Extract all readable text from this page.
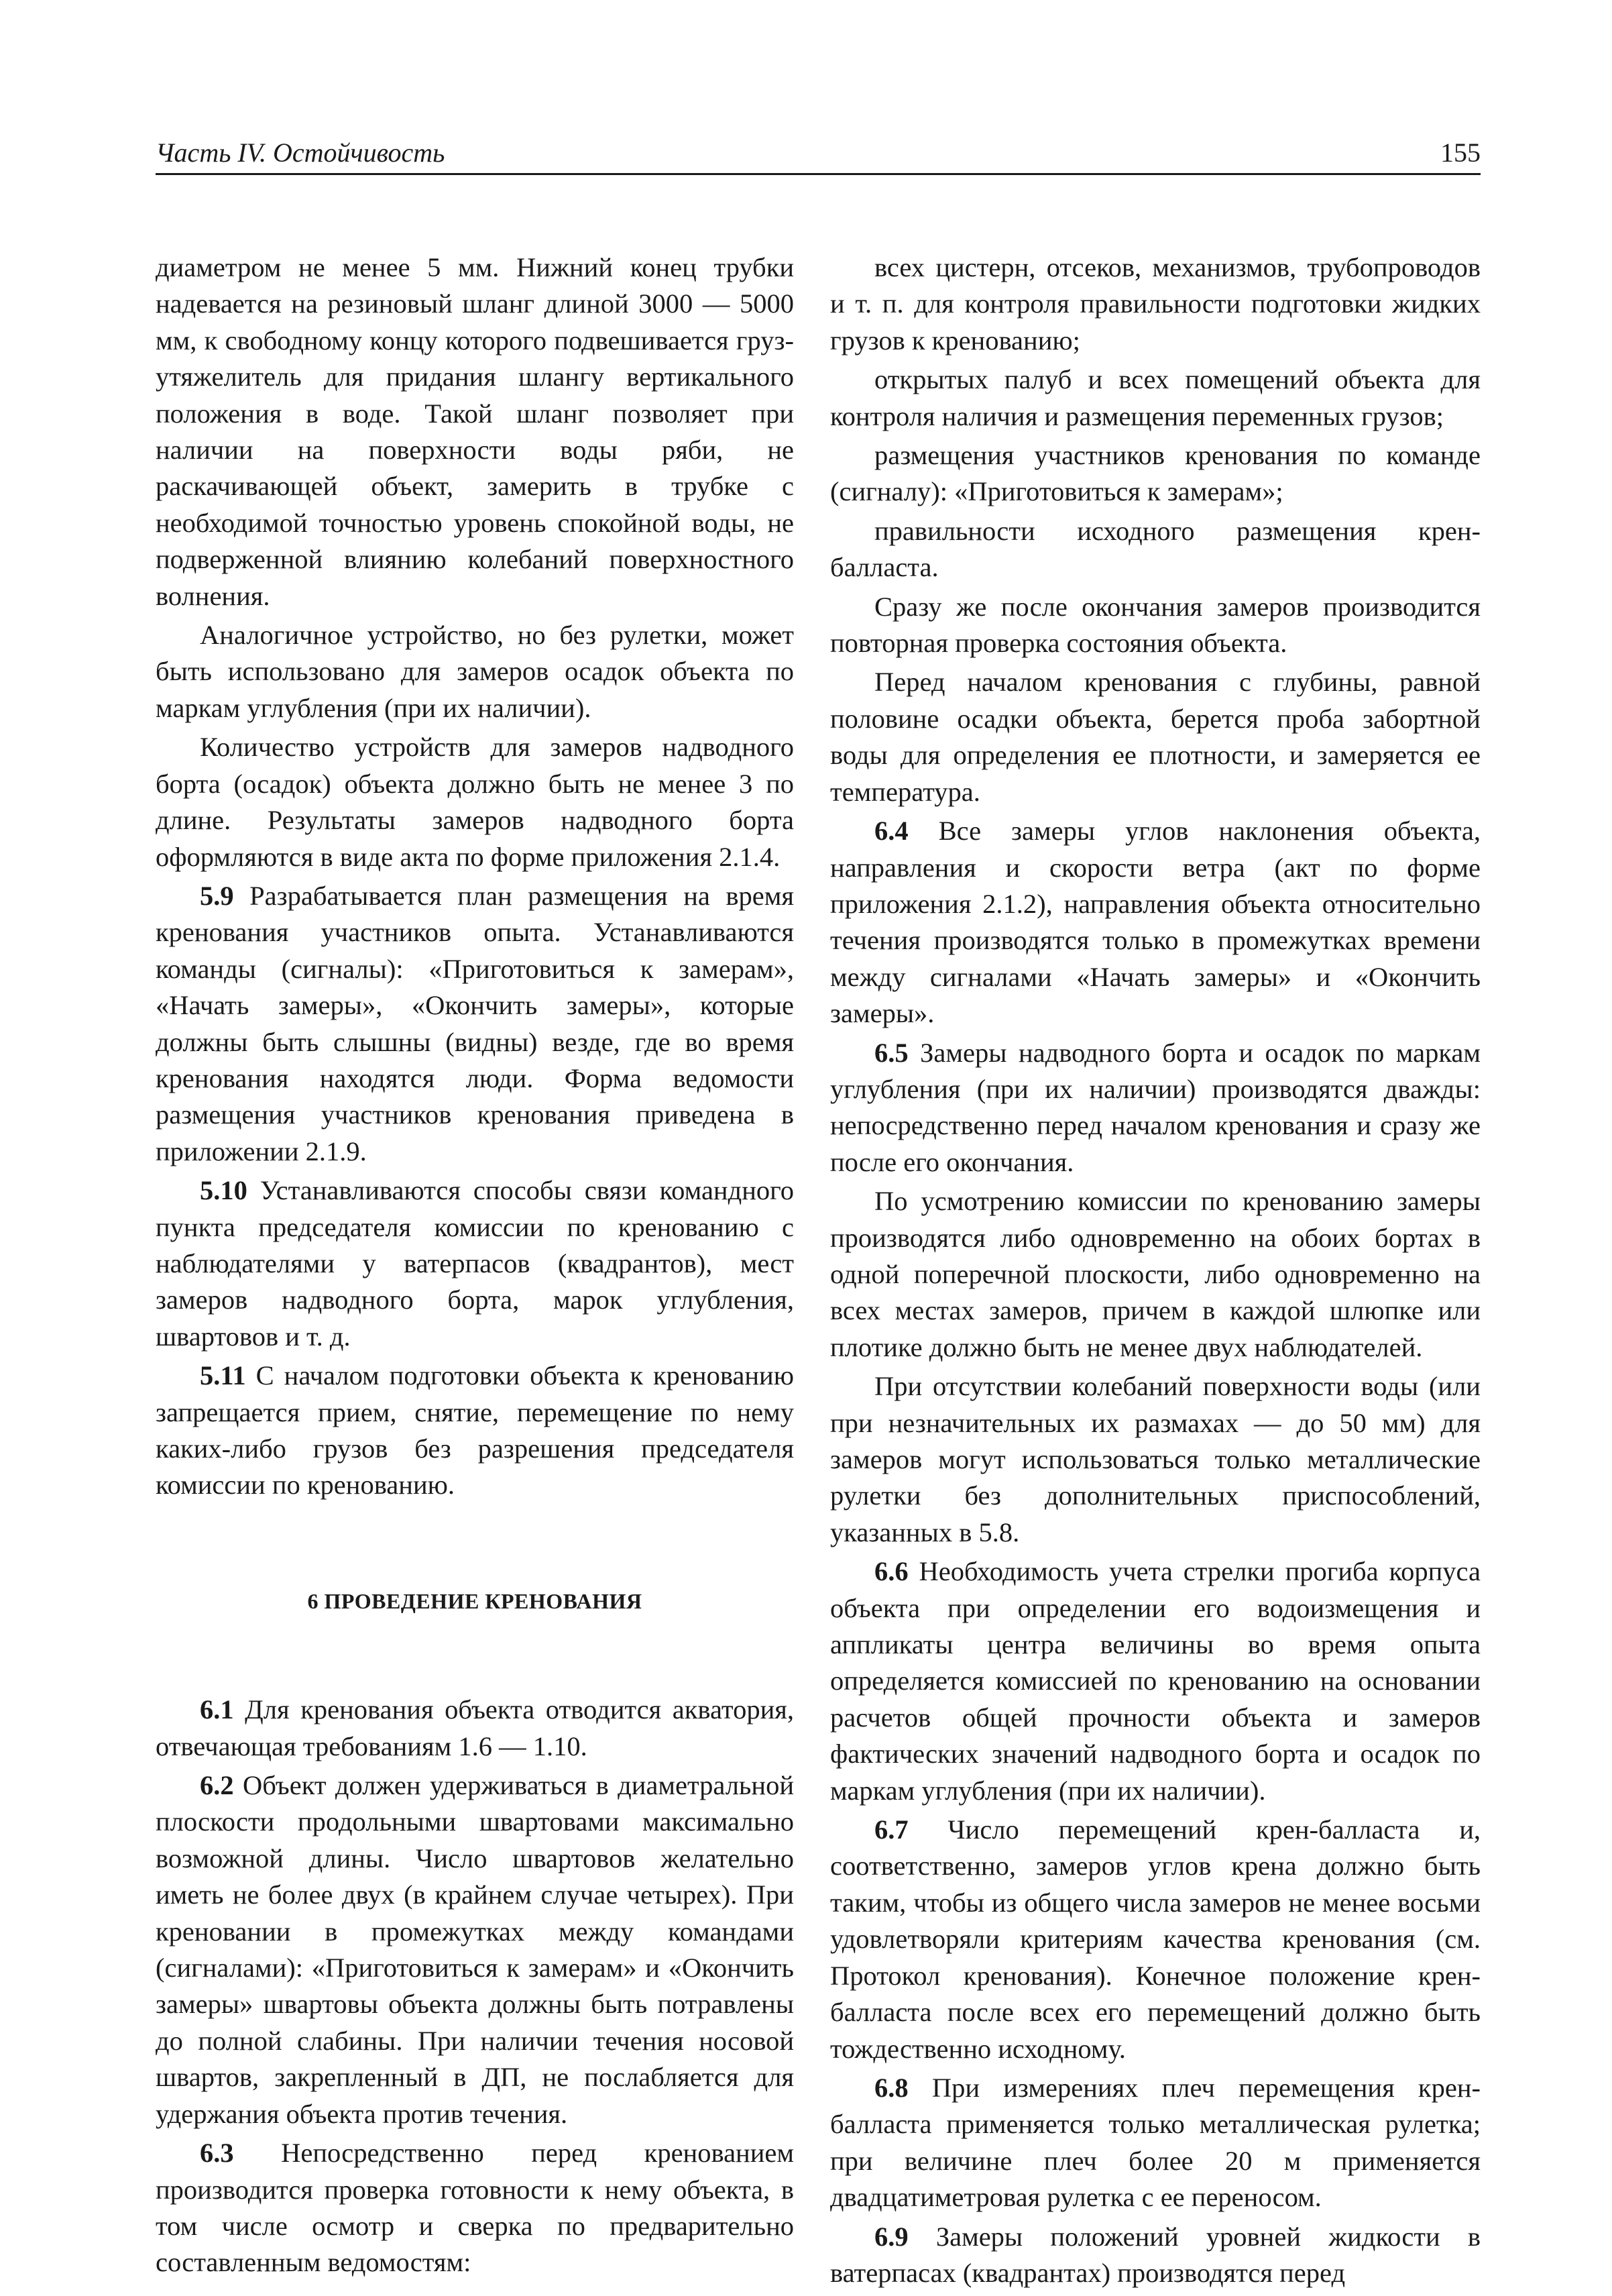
Часть IV. Остойчивость	155

диаметром не менее 5 мм. Нижний конец трубки надевается на резиновый шланг длиной 3000 — 5000 мм, к свободному концу которого подвешивается груз-утяжелитель для придания шлангу вертикального положения в воде. Такой шланг позволяет при наличии на поверхности воды ряби, не раскачивающей объект, замерить в трубке с необходимой точностью уровень спокойной воды, не подверженной влиянию колебаний поверхностного волнения.

Аналогичное устройство, но без рулетки, может быть использовано для замеров осадок объекта по маркам углубления (при их наличии).

Количество устройств для замеров надводного борта (осадок) объекта должно быть не менее 3 по длине. Результаты замеров надводного борта оформляются в виде акта по форме приложения 2.1.4.

5.9 Разрабатывается план размещения на время кренования участников опыта. Устанавливаются команды (сигналы): «Приготовиться к замерам», «Начать замеры», «Окончить замеры», которые должны быть слышны (видны) везде, где во время кренования находятся люди. Форма ведомости размещения участников кренования приведена в приложении 2.1.9.

5.10 Устанавливаются способы связи командного пункта председателя комиссии по кренованию с наблюдателями у ватерпасов (квадрантов), мест замеров надводного борта, марок углубления, швартовов и т. д.

5.11 С началом подготовки объекта к кренованию запрещается прием, снятие, перемещение по нему каких-либо грузов без разрешения председателя комиссии по кренованию.

6 ПРОВЕДЕНИЕ КРЕНОВАНИЯ

6.1 Для кренования объекта отводится акватория, отвечающая требованиям 1.6 — 1.10.

6.2 Объект должен удерживаться в диаметральной плоскости продольными швартовами максимально возможной длины. Число швартовов желательно иметь не более двух (в крайнем случае четырех). При креновании в промежутках между командами (сигналами): «Приготовиться к замерам» и «Окончить замеры» швартовы объекта должны быть потравлены до полной слабины. При наличии течения носовой швартов, закрепленный в ДП, не послабляется для удержания объекта против течения.

6.3 Непосредственно перед кренованием производится проверка готовности к нему объекта, в том числе осмотр и сверка по предварительно составленным ведомостям:

всех цистерн, отсеков, механизмов, трубопроводов и т. п. для контроля правильности подготовки жидких грузов к кренованию;

открытых палуб и всех помещений объекта для контроля наличия и размещения переменных грузов;

размещения участников кренования по команде (сигналу): «Приготовиться к замерам»;

правильности исходного размещения крен-балласта.

Сразу же после окончания замеров производится повторная проверка состояния объекта.

Перед началом кренования с глубины, равной половине осадки объекта, берется проба забортной воды для определения ее плотности, и замеряется ее температура.

6.4 Все замеры углов наклонения объекта, направления и скорости ветра (акт по форме приложения 2.1.2), направления объекта относительно течения производятся только в промежутках времени между сигналами «Начать замеры» и «Окончить замеры».

6.5 Замеры надводного борта и осадок по маркам углубления (при их наличии) производятся дважды: непосредственно перед началом кренования и сразу же после его окончания.

По усмотрению комиссии по кренованию замеры производятся либо одновременно на обоих бортах в одной поперечной плоскости, либо одновременно на всех местах замеров, причем в каждой шлюпке или плотике должно быть не менее двух наблюдателей.

При отсутствии колебаний поверхности воды (или при незначительных их размахах — до 50 мм) для замеров могут использоваться только металлические рулетки без дополнительных приспособлений, указанных в 5.8.

6.6 Необходимость учета стрелки прогиба корпуса объекта при определении его водоизмещения и аппликаты центра величины во время опыта определяется комиссией по кренованию на основании расчетов общей прочности объекта и замеров фактических значений надводного борта и осадок по маркам углубления (при их наличии).

6.7 Число перемещений крен-балласта и, соответственно, замеров углов крена должно быть таким, чтобы из общего числа замеров не менее восьми удовлетворяли критериям качества кренования (см. Протокол кренования). Конечное положение крен-балласта после всех его перемещений должно быть тождественно исходному.

6.8 При измерениях плеч перемещения крен-балласта применяется только металлическая рулетка; при величине плеч более 20 м применяется двадцатиметровая рулетка с ее переносом.

6.9 Замеры положений уровней жидкости в ватерпасах (квадрантах) производятся перед
